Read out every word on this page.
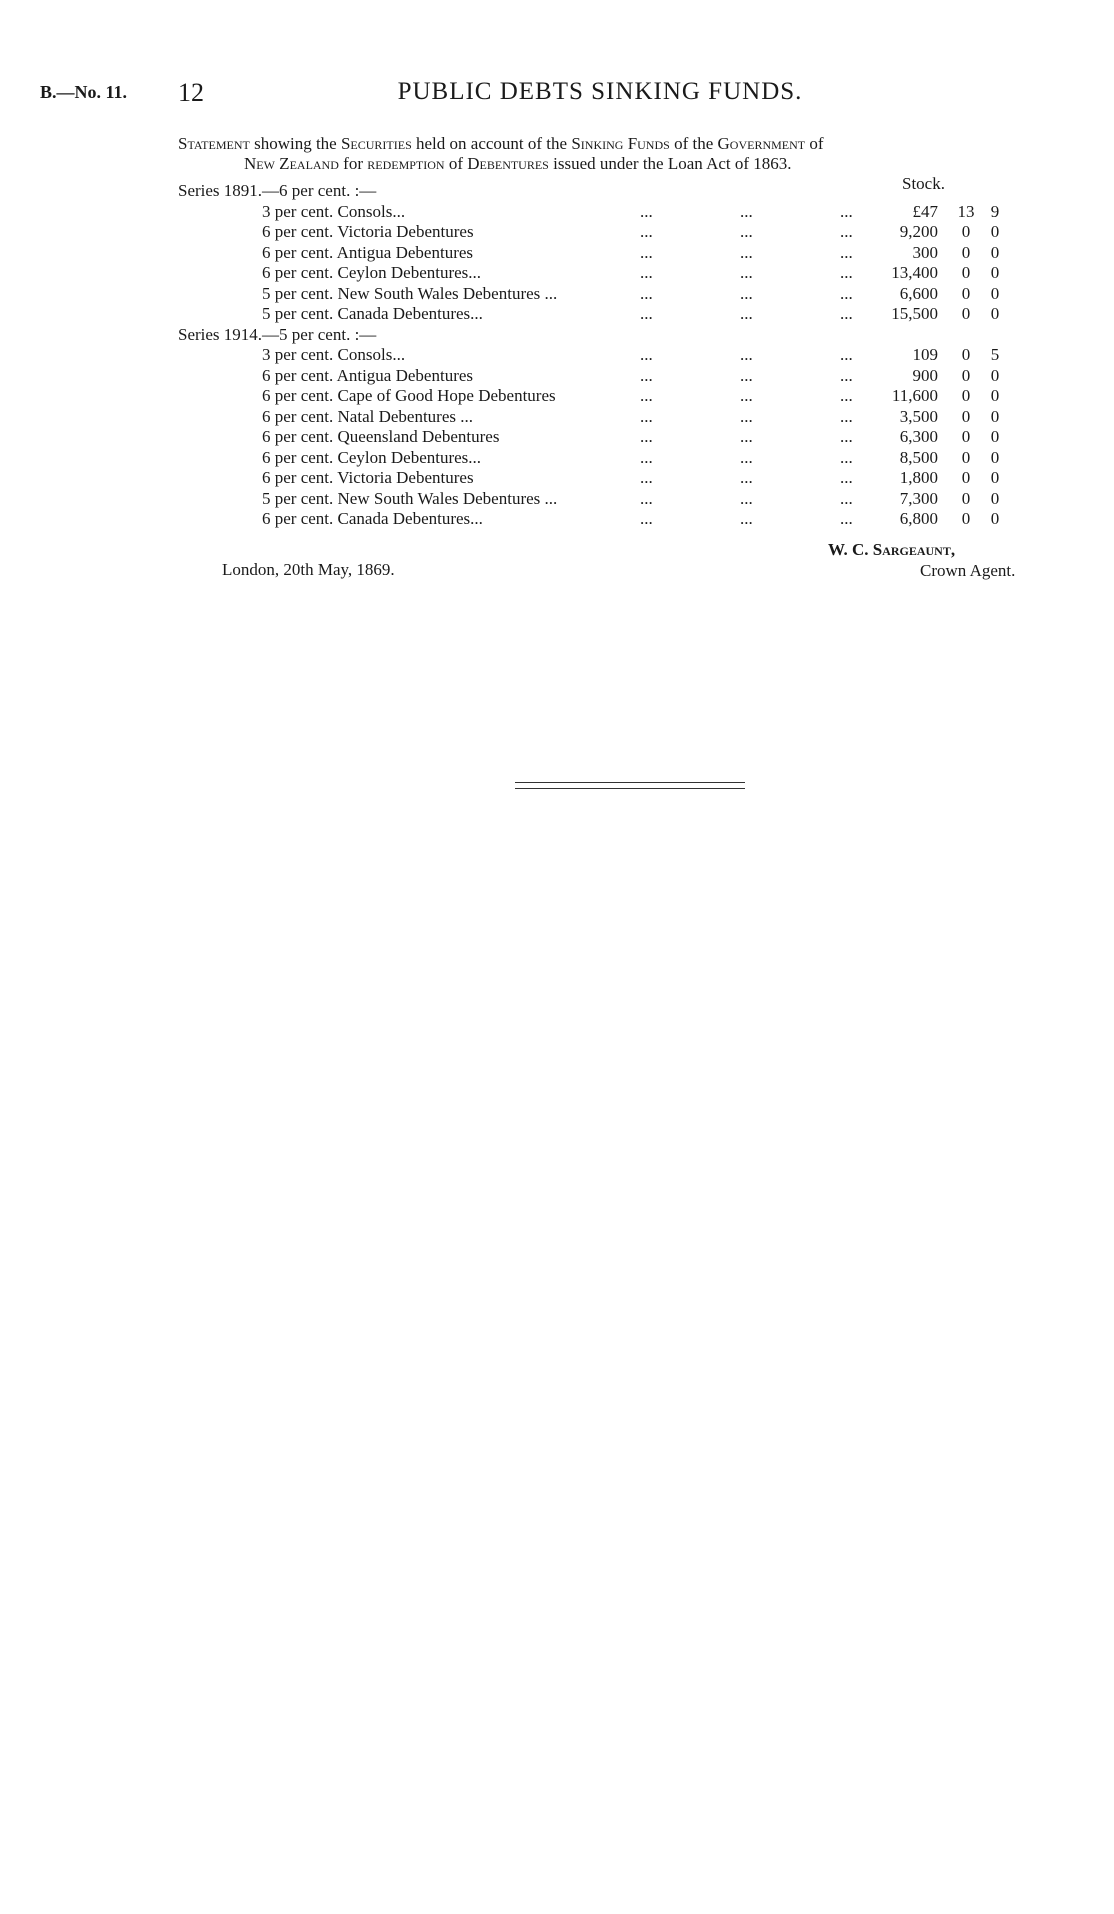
B.—No. 11. 12	PUBLIC DEBTS SINKING FUNDS.
Statement showing the Securities held on account of the Sinking Funds of the Government of
New Zealand for redemption of Debentures issued under the Loan Act of 1863.
Stock.
Series 1891.—6 per cent. :—
3 per cent. Consols...	...	...	...	£47 13 9
6 per cent. Victoria Debentures	...	...	...	9,200	0	0
6 per cent. Antigua Debentures	...	...	...	300	0	0
6 per cent. Ceylon Debentures...	...	...	...	13,400	0	0
5 per cent. New South Wales Debentures ...	...	...	...	6,600	0	0
5 per cent. Canada Debentures...	...	...	...	15,500	0	0
Series 1914.—5 per cent. :—
3 per cent. Consols...	...	...	...	109	0	5
6 per cent. Antigua Debentures	...	...	...	900	0	0
6 per cent. Cape of Good Hope Debentures	...	...	...	11,600	0	0
6 per cent. Natal Debentures ...	...	...	...	3,500	0	0
6 per cent. Queensland Debentures	...	...	...	6,300	0	0
6 per cent. Ceylon Debentures...	...	...	...	8,500	0	0
6 per cent. Victoria Debentures	...	...	...	1,800	0	0
5 per cent. New South Wales Debentures ...	...	...	...	7,300	0	0
6 per cent. Canada Debentures...	...	...	...	6,800	0	0
W. C. Sargeaunt,
Crown Agent.
London, 20th May, 1869.
